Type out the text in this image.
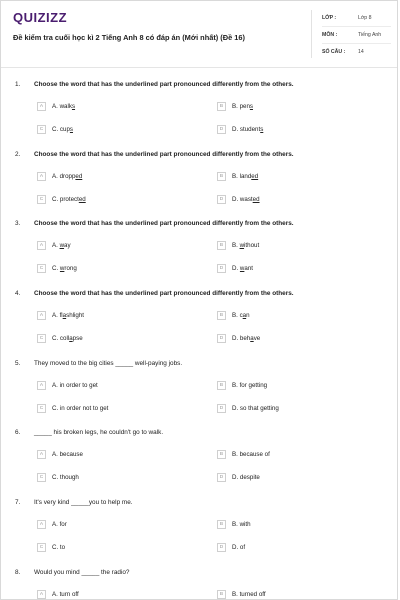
QUIZIZZ
Đề kiểm tra cuối học kì 2 Tiếng Anh 8 có đáp án (Mới nhất) (Đề 16)
LỚP :	Lớp 8
MÔN :	Tiếng Anh
SỐ CÂU :	14
1. Choose the word that has the underlined part pronounced differently from the others.
A	A. walks	B	B. pens
C	C. cups	D	D. students
2. Choose the word that has the underlined part pronounced differently from the others.
A	A. dropped	B	B. landed
C	C. protected	D	D. wasted
3. Choose the word that has the underlined part pronounced differently from the others.
A	A. way	B	B. without
C	C. wrong	D	D. want
4. Choose the word that has the underlined part pronounced differently from the others.
A	A. flashlight	B	B. can
C	C. collapse	D	D. behave
5. They moved to the big cities _____ well-paying jobs.
A	A. in order to get	B	B. for getting
C	C. in order not to get	D	D. so that getting
6. _____ his broken legs, he couldn't go to walk.
A	A. because	B	B. because of
C	C. though	D	D. despite
7. It's very kind _____you to help me.
A	A. for	B	B. with
C	C. to	D	D. of
8. Would you mind _____ the radio?
A	A. turn off	B	B. turned off
